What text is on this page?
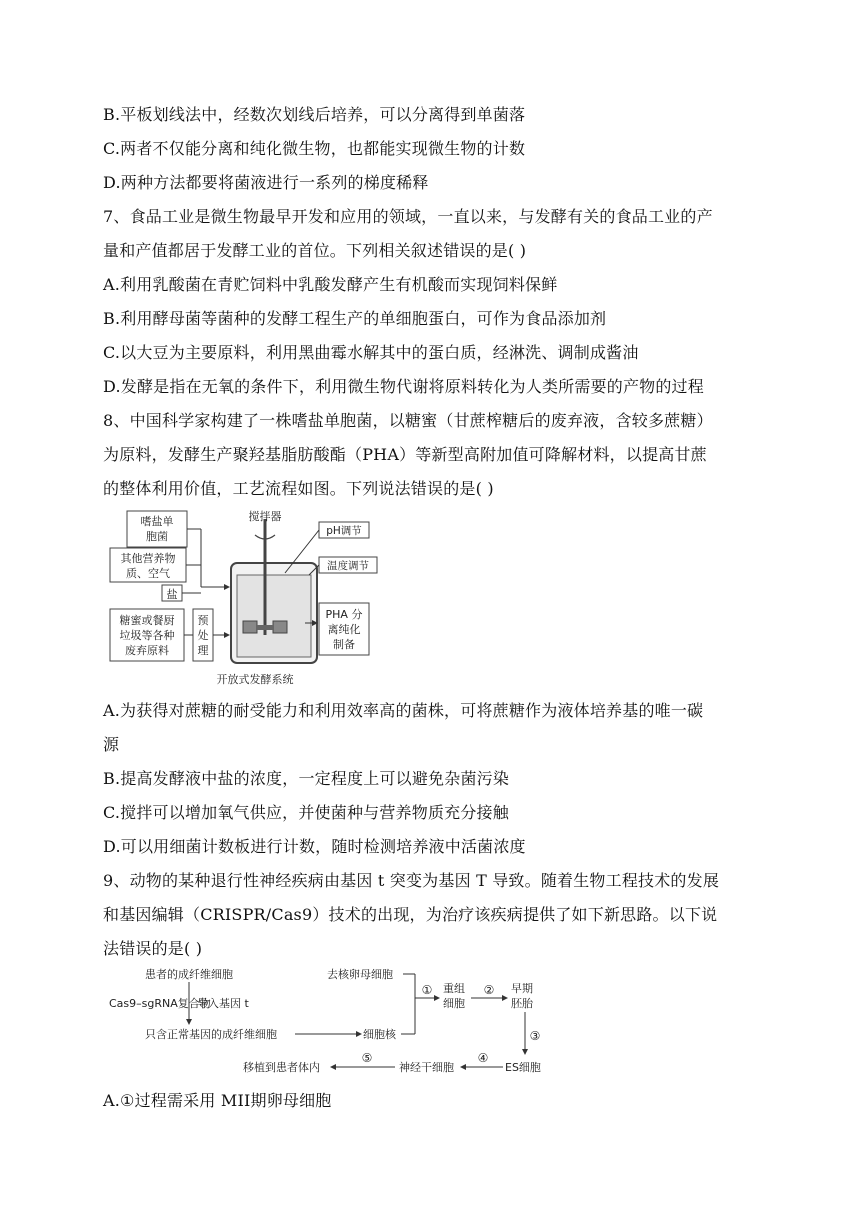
B.平板划线法中，经数次划线后培养，可以分离得到单菌落
C.两者不仅能分离和纯化微生物，也都能实现微生物的计数
D.两种方法都要将菌液进行一系列的梯度稀释
7、食品工业是微生物最早开发和应用的领域，一直以来，与发酵有关的食品工业的产
量和产值都居于发酵工业的首位。下列相关叙述错误的是( )
A.利用乳酸菌在青贮饲料中乳酸发酵产生有机酸而实现饲料保鲜
B.利用酵母菌等菌种的发酵工程生产的单细胞蛋白，可作为食品添加剂
C.以大豆为主要原料，利用黑曲霉水解其中的蛋白质，经淋洗、调制成酱油
D.发酵是指在无氧的条件下，利用微生物代谢将原料转化为人类所需要的产物的过程
8、中国科学家构建了一株嗜盐单胞菌，以糖蜜（甘蔗榨糖后的废弃液，含较多蔗糖）
为原料，发酵生产聚羟基脂肪酸酯（PHA）等新型高附加值可降解材料，以提高甘蔗
的整体利用价值，工艺流程如图。下列说法错误的是( )
嗜盐单
胞菌
其他营养物
质、空气
盐
糖蜜或餐厨
垃圾等各种
废弃原料
预
处
理
搅拌器
pH调节
温度调节
PHA 分
离纯化
制备
开放式发酵系统
A.为获得对蔗糖的耐受能力和利用效率高的菌株，可将蔗糖作为液体培养基的唯一碳
源
B.提高发酵液中盐的浓度，一定程度上可以避免杂菌污染
C.搅拌可以增加氧气供应，并使菌种与营养物质充分接触
D.可以用细菌计数板进行计数，随时检测培养液中活菌浓度
9、动物的某种退行性神经疾病由基因 t 突变为基因 T 导致。随着生物工程技术的发展
和基因编辑（CRISPR/Cas9）技术的出现，为治疗该疾病提供了如下新思路。以下说
法错误的是( )
患者的成纤维细胞
Cas9–sgRNA复合物
导入基因 t
只含正常基因的成纤维细胞	细胞核
去核卵母细胞
① 重组
细胞
② 早期
胚胎
③
ES细胞
④
神经干细胞
⑤
移植到患者体内
A.①过程需采用 MII期卵母细胞
